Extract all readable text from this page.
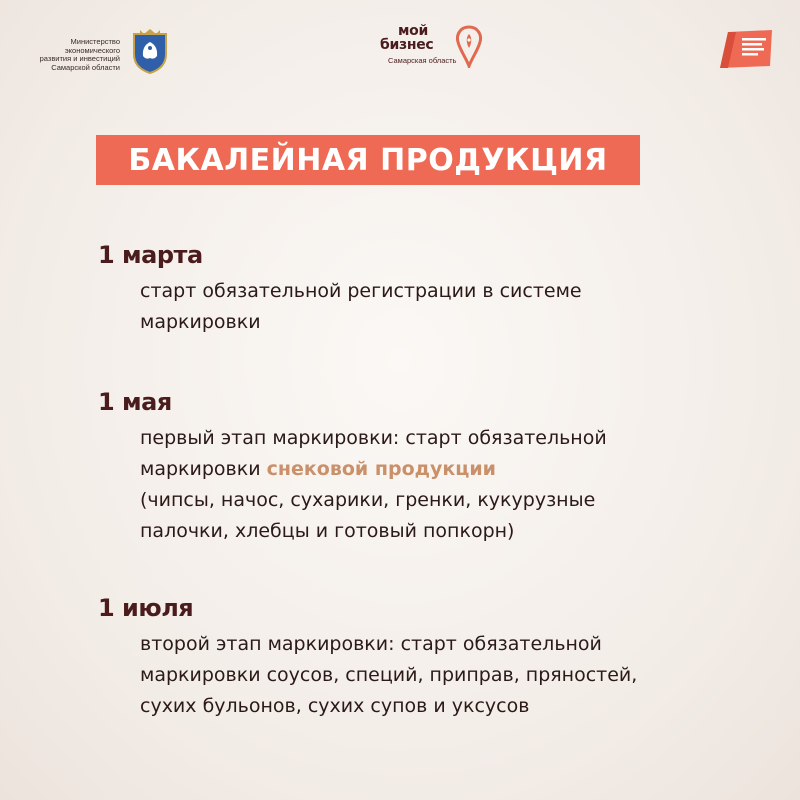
Министерство
экономического
развития и инвестиций
Самарской области
мой
бизнес
Самарская область
БАКАЛЕЙНАЯ ПРОДУКЦИЯ
1 марта
старт обязательной регистрации в системе
маркировки
1 мая
первый этап маркировки: старт обязательной
маркировки снековой продукции
(чипсы, начос, сухарики, гренки, кукурузные
палочки, хлебцы и готовый попкорн)
1 июля
второй этап маркировки: старт обязательной
маркировки соусов, специй, приправ, пряностей,
сухих бульонов, сухих супов и уксусов
